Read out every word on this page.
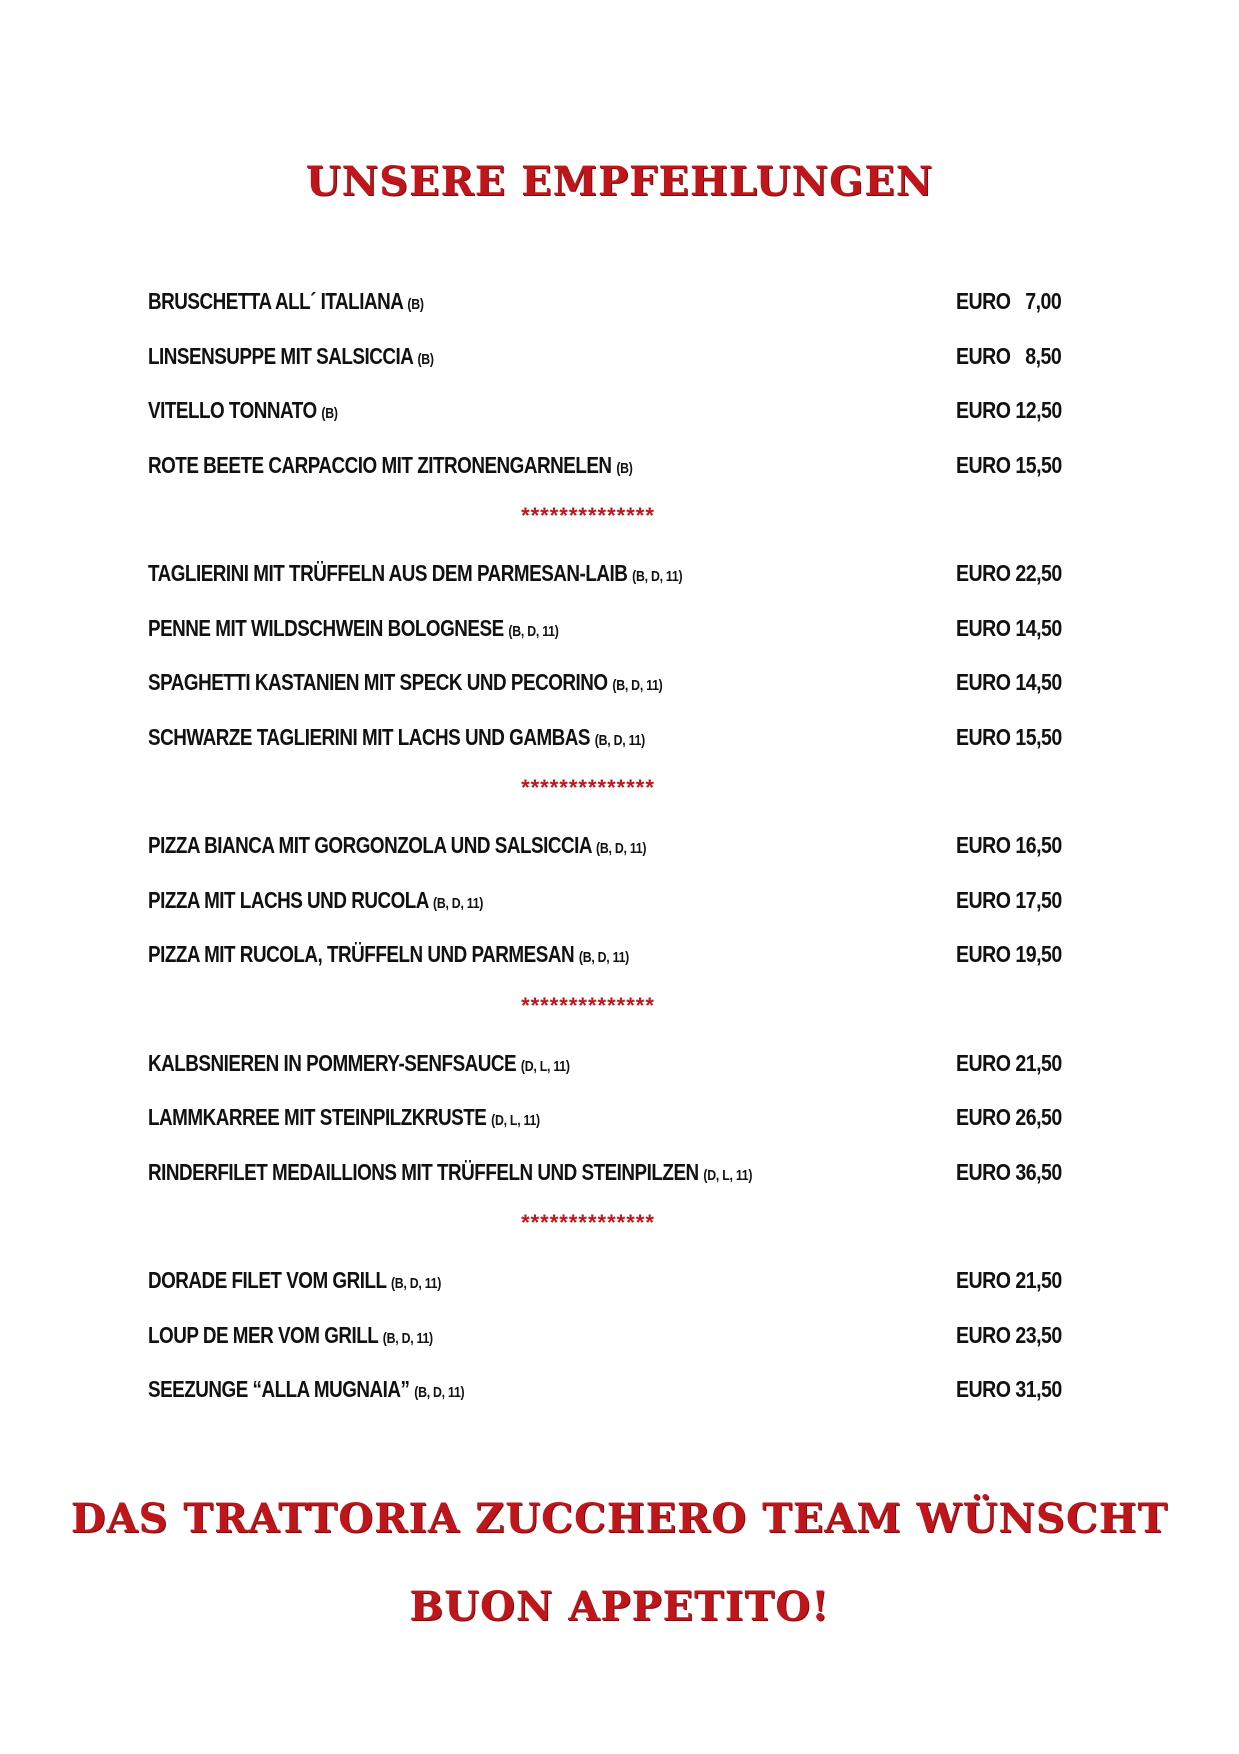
UNSERE EMPFEHLUNGEN
BRUSCHETTA ALL´ ITALIANA (B)	EURO   7,00
LINSENSUPPE MIT SALSICCIA (B)	EURO   8,50
VITELLO TONNATO (B)	EURO 12,50
ROTE BEETE CARPACCIO MIT ZITRONENGARNELEN (B)	EURO 15,50
**************
TAGLIERINI MIT TRÜFFELN AUS DEM PARMESAN-LAIB (B, D, 11)	EURO 22,50
PENNE MIT WILDSCHWEIN BOLOGNESE (B, D, 11)	EURO 14,50
SPAGHETTI KASTANIEN MIT SPECK UND PECORINO (B, D, 11)	EURO 14,50
SCHWARZE TAGLIERINI MIT LACHS UND GAMBAS (B, D, 11)	EURO 15,50
**************
PIZZA BIANCA MIT GORGONZOLA UND SALSICCIA (B, D, 11)	EURO 16,50
PIZZA MIT LACHS UND RUCOLA (B, D, 11)	EURO 17,50
PIZZA MIT RUCOLA, TRÜFFELN UND PARMESAN (B, D, 11)	EURO 19,50
**************
KALBSNIEREN IN POMMERY-SENFSAUCE (D, L, 11)	EURO 21,50
LAMMKARREE MIT STEINPILZKRUSTE (D, L, 11)	EURO 26,50
RINDERFILET MEDAILLIONS MIT TRÜFFELN UND STEINPILZEN (D, L, 11)	EURO 36,50
**************
DORADE FILET VOM GRILL (B, D, 11)	EURO 21,50
LOUP DE MER VOM GRILL (B, D, 11)	EURO 23,50
SEEZUNGE “ALLA MUGNAIA” (B, D, 11)	EURO 31,50
DAS TRATTORIA ZUCCHERO TEAM WÜNSCHT
BUON APPETITO!
